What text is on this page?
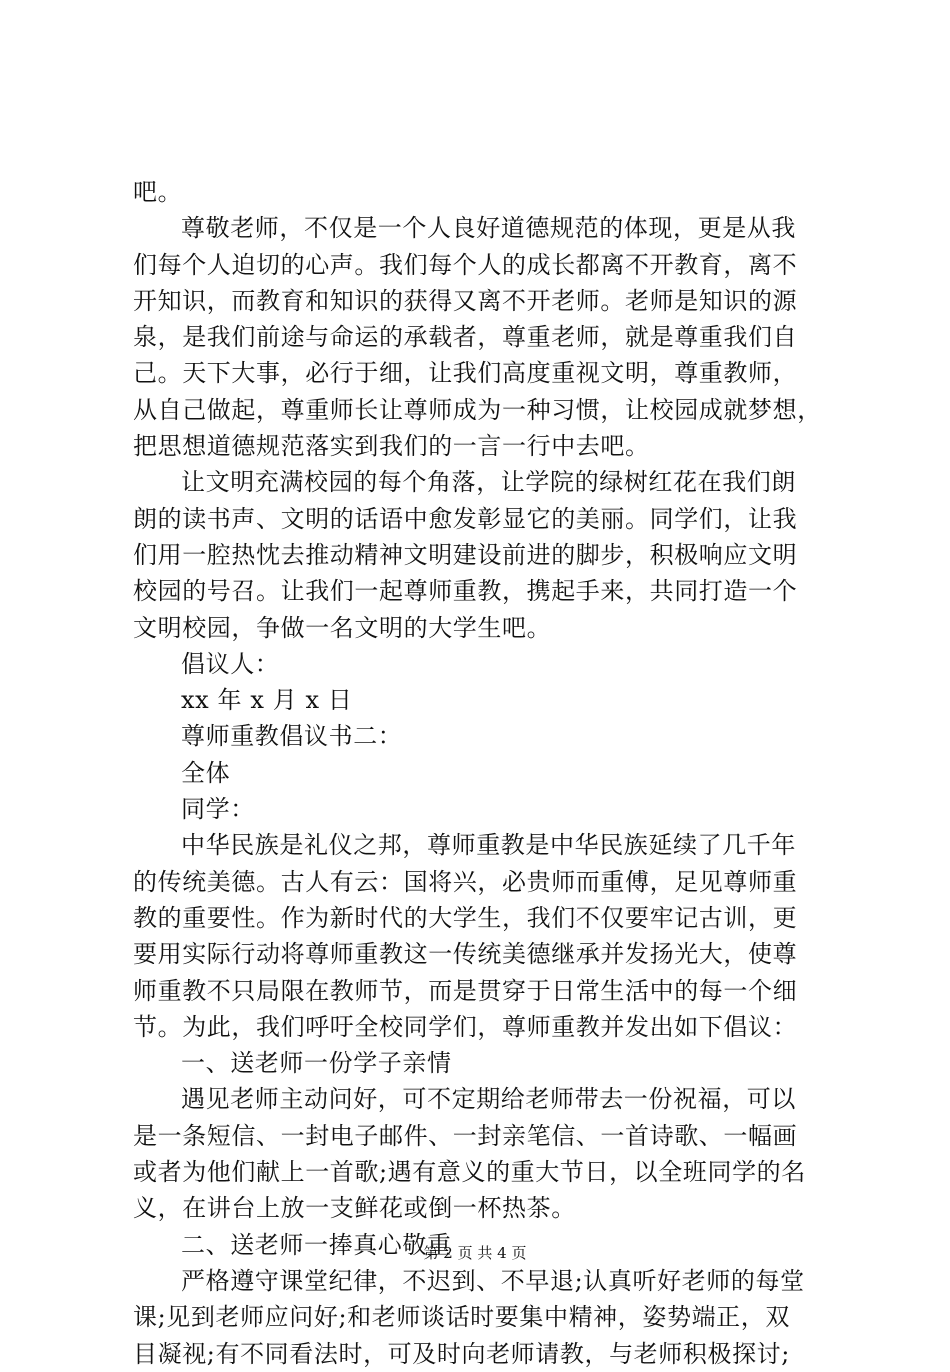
吧。
尊敬老师，不仅是一个人良好道德规范的体现，更是从我
们每个人迫切的心声。我们每个人的成长都离不开教育，离不
开知识，而教育和知识的获得又离不开老师。老师是知识的源
泉，是我们前途与命运的承载者，尊重老师，就是尊重我们自
己。天下大事，必行于细，让我们高度重视文明，尊重教师，
从自己做起，尊重师长让尊师成为一种习惯，让校园成就梦想，
把思想道德规范落实到我们的一言一行中去吧。
让文明充满校园的每个角落，让学院的绿树红花在我们朗
朗的读书声、文明的话语中愈发彰显它的美丽。同学们，让我
们用一腔热忱去推动精神文明建设前进的脚步，积极响应文明
校园的号召。让我们一起尊师重教，携起手来，共同打造一个
文明校园，争做一名文明的大学生吧。
倡议人：
xx 年 x 月 x 日
尊师重教倡议书二：
全体
同学：
中华民族是礼仪之邦，尊师重教是中华民族延续了几千年
的传统美德。古人有云：国将兴，必贵师而重傅，足见尊师重
教的重要性。作为新时代的大学生，我们不仅要牢记古训，更
要用实际行动将尊师重教这一传统美德继承并发扬光大，使尊
师重教不只局限在教师节，而是贯穿于日常生活中的每一个细
节。为此，我们呼吁全校同学们，尊师重教并发出如下倡议：
一、送老师一份学子亲情
遇见老师主动问好，可不定期给老师带去一份祝福，可以
是一条短信、一封电子邮件、一封亲笔信、一首诗歌、一幅画
或者为他们献上一首歌;遇有意义的重大节日，以全班同学的名
义，在讲台上放一支鲜花或倒一杯热茶。
二、送老师一捧真心敬重
严格遵守课堂纪律，不迟到、不早退;认真听好老师的每堂
课;见到老师应问好;和老师谈话时要集中精神，姿势端正，双
目凝视;有不同看法时，可及时向老师请教，与老师积极探讨;
第 2 页 共 4 页
